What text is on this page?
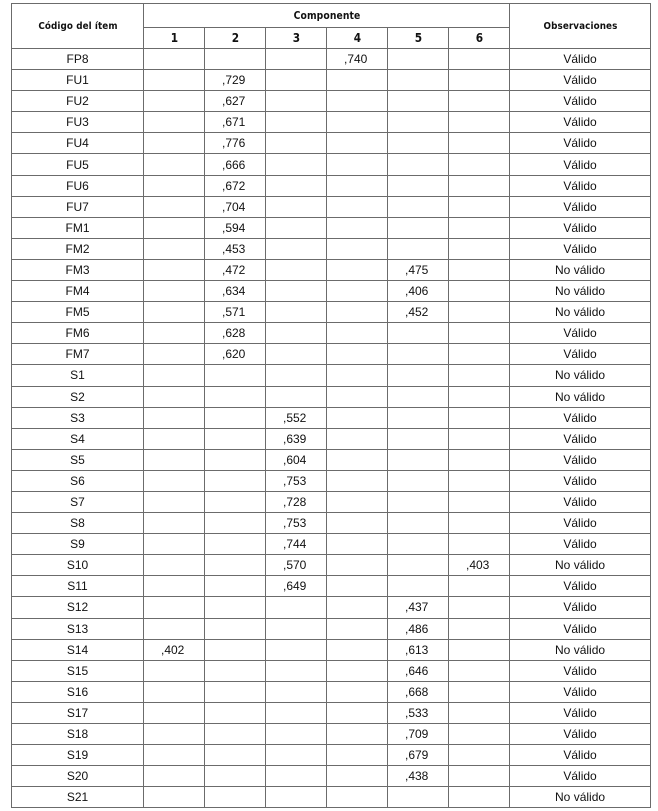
Código del ítem	Componente						Observaciones
	1	2	3	4	5	6	
FP8				,740			Válido
FU1		,729					Válido
FU2		,627					Válido
FU3		,671					Válido
FU4		,776					Válido
FU5		,666					Válido
FU6		,672					Válido
FU7		,704					Válido
FM1		,594					Válido
FM2		,453					Válido
FM3		,472			,475		No válido
FM4		,634			,406		No válido
FM5		,571			,452		No válido
FM6		,628					Válido
FM7		,620					Válido
S1							No válido
S2							No válido
S3			,552				Válido
S4			,639				Válido
S5			,604				Válido
S6			,753				Válido
S7			,728				Válido
S8			,753				Válido
S9			,744				Válido
S10			,570			,403	No válido
S11			,649				Válido
S12					,437		Válido
S13					,486		Válido
S14	,402				,613		No válido
S15					,646		Válido
S16					,668		Válido
S17					,533		Válido
S18					,709		Válido
S19					,679		Válido
S20					,438		Válido
S21							No válido
